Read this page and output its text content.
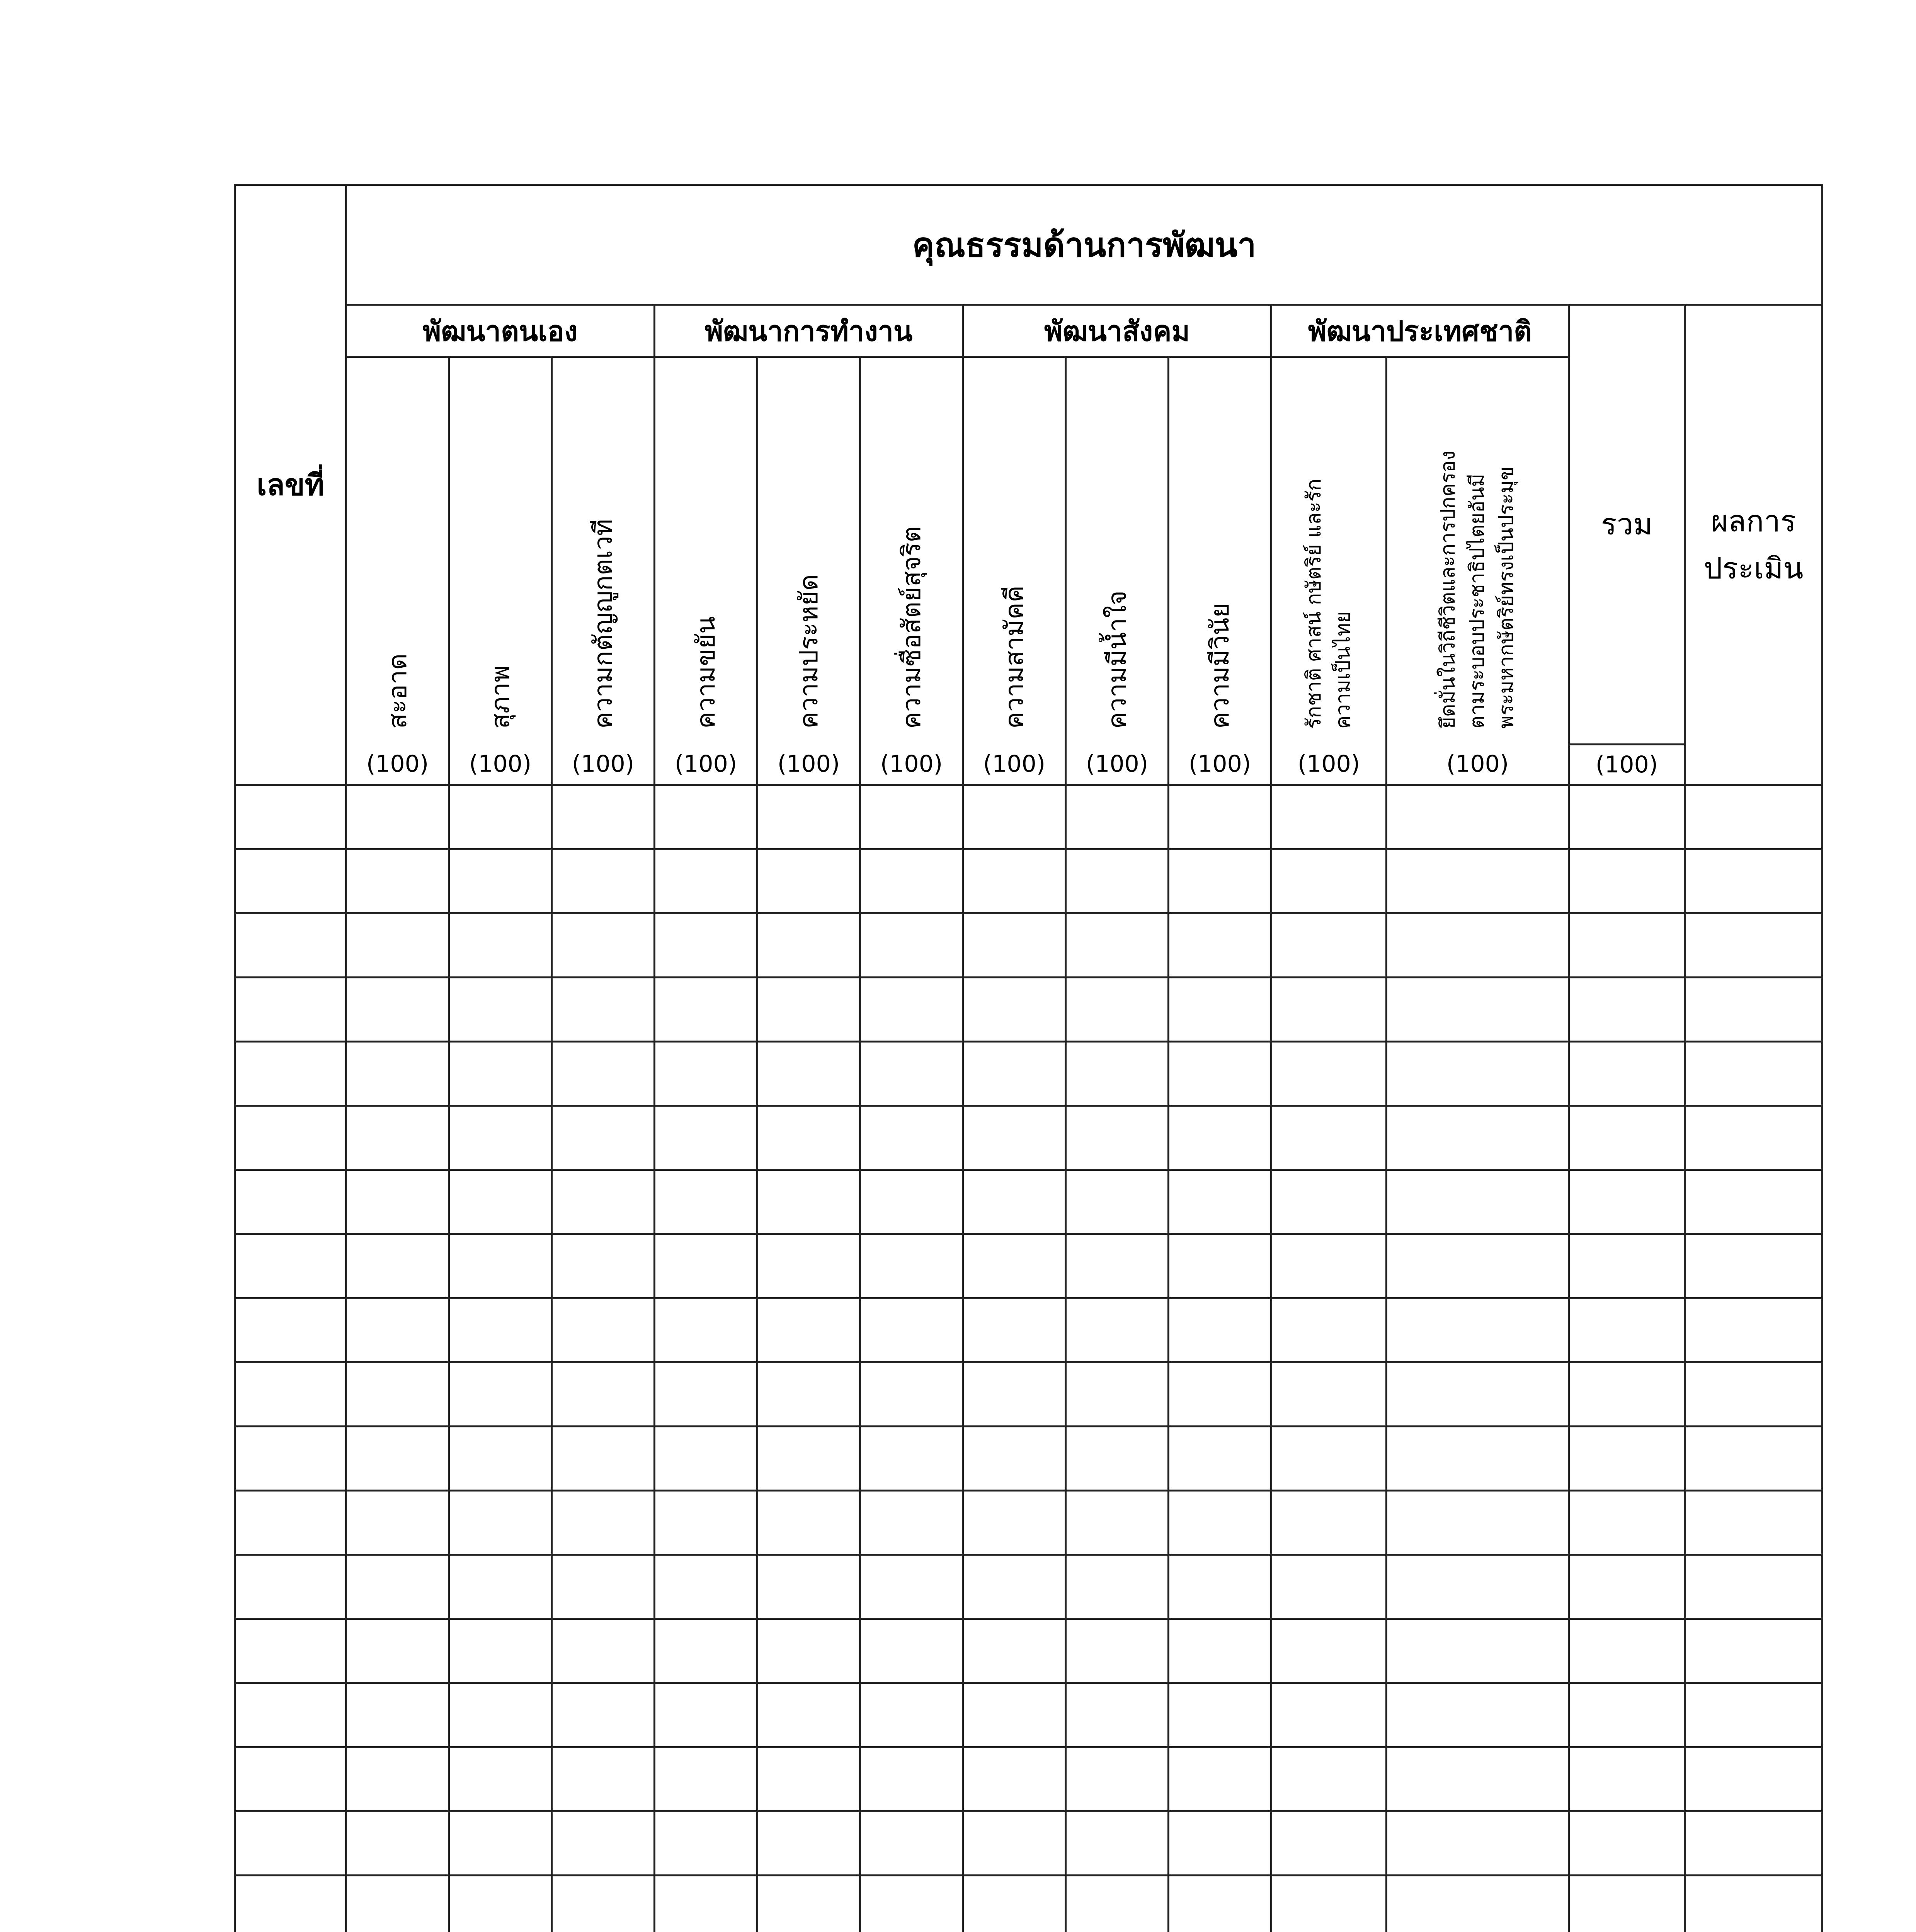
เลขที่	คุณธรรมด้านการพัฒนา												
	พัฒนาตนเอง			พัฒนาการทำงาน			พัฒนาสังคม			พัฒนาประเทศชาติ		รวม	ผลการ
ประเมิน

	สะอาด	สุภาพ	ความกตัญญูกตเวที	ความขยัน	ความประหยัด	ความซื่อสัตย์สุจริต	ความสามัคคี	ความมีน้ำใจ	ความมีวินัย	รักชาติ ศาสน์ กษัตริย์ และรัก
ความเป็นไทย	ยึดมั่นในวิถีชีวิตและการปกครอง
ตามระบอบประชาธิปไตยอันมี
พระมหากษัตริย์ทรงเป็นประมุข		

	(100)	(100)	(100)	(100)	(100)	(100)	(100)	(100)	(100)	(100)	(100)	(100)	
